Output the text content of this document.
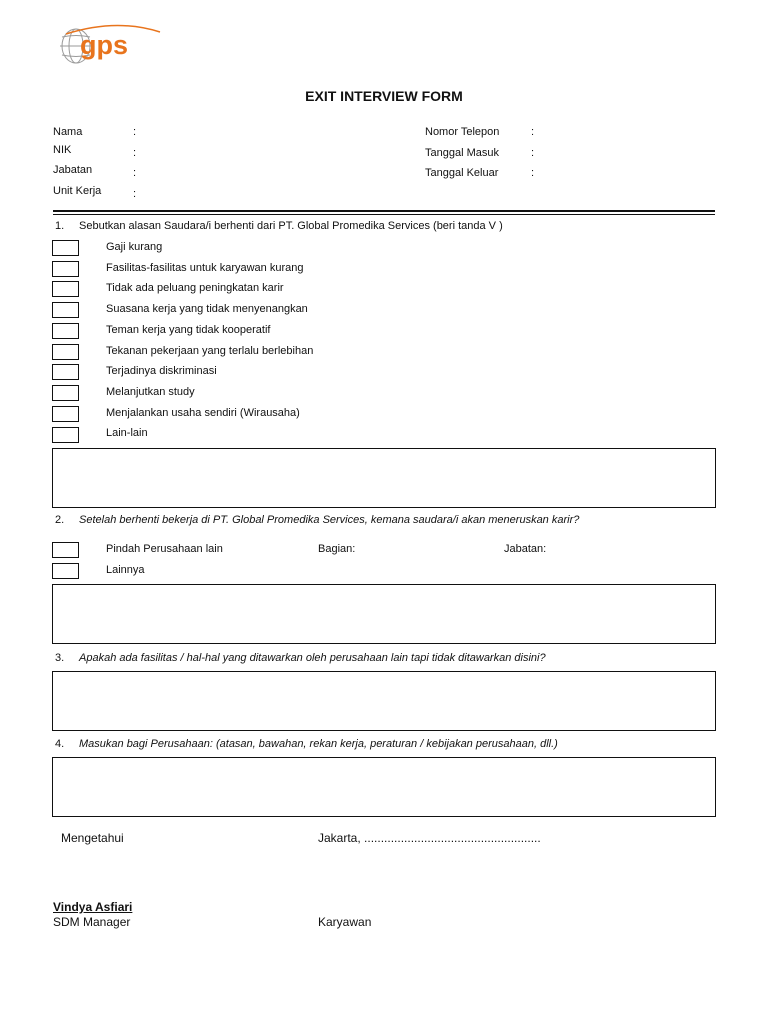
gps
EXIT INTERVIEW FORM
Nama	:
NIK	:
Jabatan	:
Unit Kerja	:
Nomor Telepon	:
Tanggal Masuk	:
Tanggal Keluar	:
1. Sebutkan alasan Saudara/i berhenti dari PT. Global Promedika Services (beri tanda V )
Gaji kurang
Fasilitas-fasilitas untuk karyawan kurang
Tidak ada peluang peningkatan karir
Suasana kerja yang tidak menyenangkan
Teman kerja yang tidak kooperatif
Tekanan pekerjaan yang terlalu berlebihan
Terjadinya diskriminasi
Melanjutkan study
Menjalankan usaha sendiri (Wirausaha)
Lain-lain
2. Setelah berhenti bekerja di PT. Global Promedika Services, kemana saudara/i akan meneruskan karir?
Pindah Perusahaan lain	Bagian:	Jabatan:
Lainnya
3. Apakah ada fasilitas / hal-hal yang ditawarkan oleh perusahaan lain tapi tidak ditawarkan disini?
4. Masukan bagi Perusahaan: (atasan, bawahan, rekan kerja, peraturan / kebijakan perusahaan, dll.)
Mengetahui	Jakarta, .....................................................
Vindya Asfiari
SDM Manager	Karyawan
